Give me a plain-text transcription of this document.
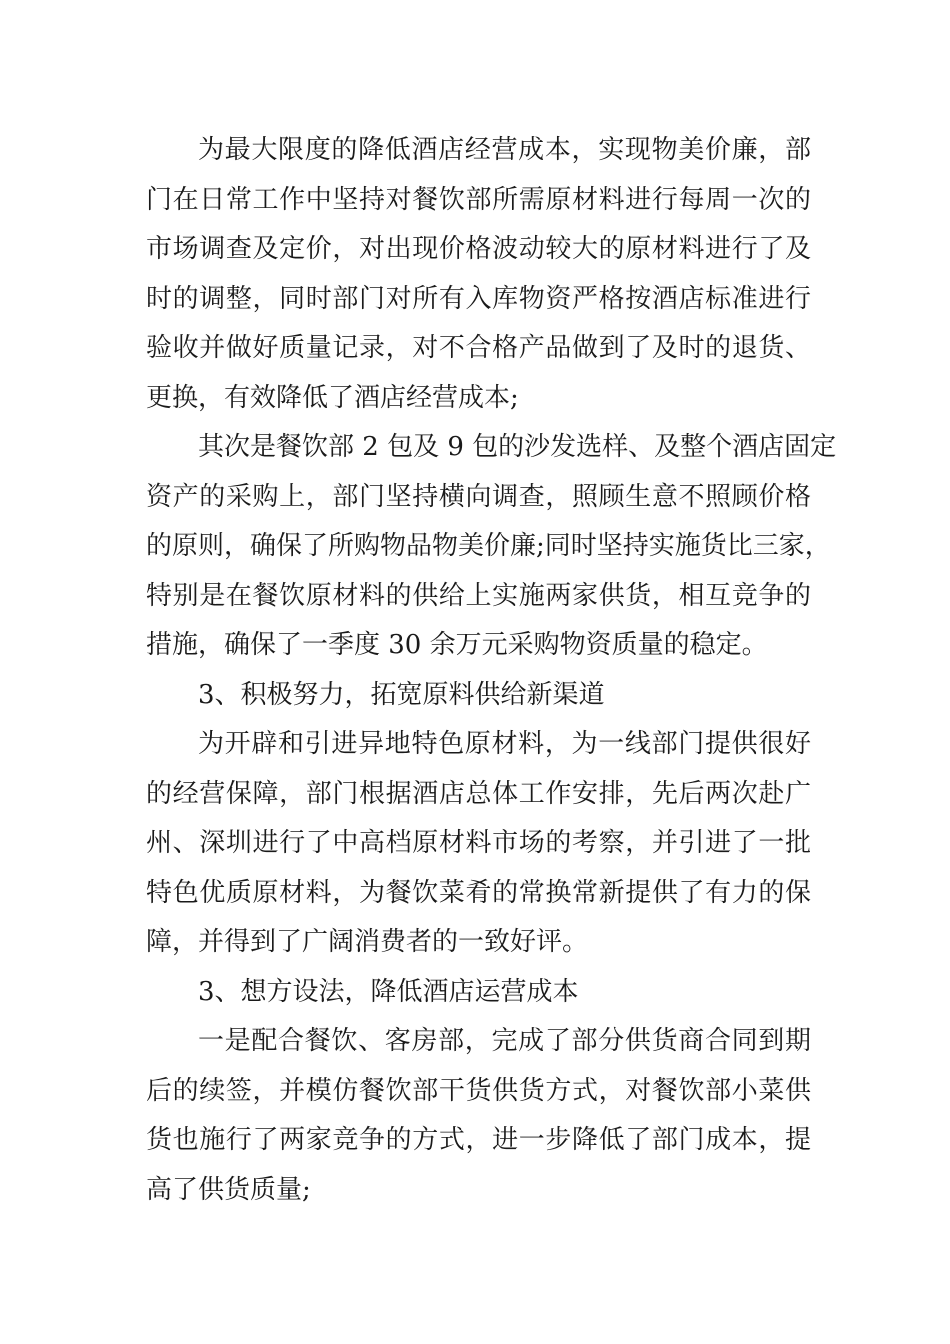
为最大限度的降低酒店经营成本，实现物美价廉，部
门在日常工作中坚持对餐饮部所需原材料进行每周一次的
市场调查及定价，对出现价格波动较大的原材料进行了及
时的调整，同时部门对所有入库物资严格按酒店标准进行
验收并做好质量记录，对不合格产品做到了及时的退货、
更换，有效降低了酒店经营成本;
其次是餐饮部 2 包及 9 包的沙发选样、及整个酒店固定
资产的采购上，部门坚持横向调查，照顾生意不照顾价格
的原则，确保了所购物品物美价廉;同时坚持实施货比三家，
特别是在餐饮原材料的供给上实施两家供货，相互竞争的
措施，确保了一季度 30 余万元采购物资质量的稳定。
3、积极努力，拓宽原料供给新渠道
为开辟和引进异地特色原材料，为一线部门提供很好
的经营保障，部门根据酒店总体工作安排，先后两次赴广
州、深圳进行了中高档原材料市场的考察，并引进了一批
特色优质原材料，为餐饮菜肴的常换常新提供了有力的保
障，并得到了广阔消费者的一致好评。
3、想方设法，降低酒店运营成本
一是配合餐饮、客房部，完成了部分供货商合同到期
后的续签，并模仿餐饮部干货供货方式，对餐饮部小菜供
货也施行了两家竞争的方式，进一步降低了部门成本，提
高了供货质量;
